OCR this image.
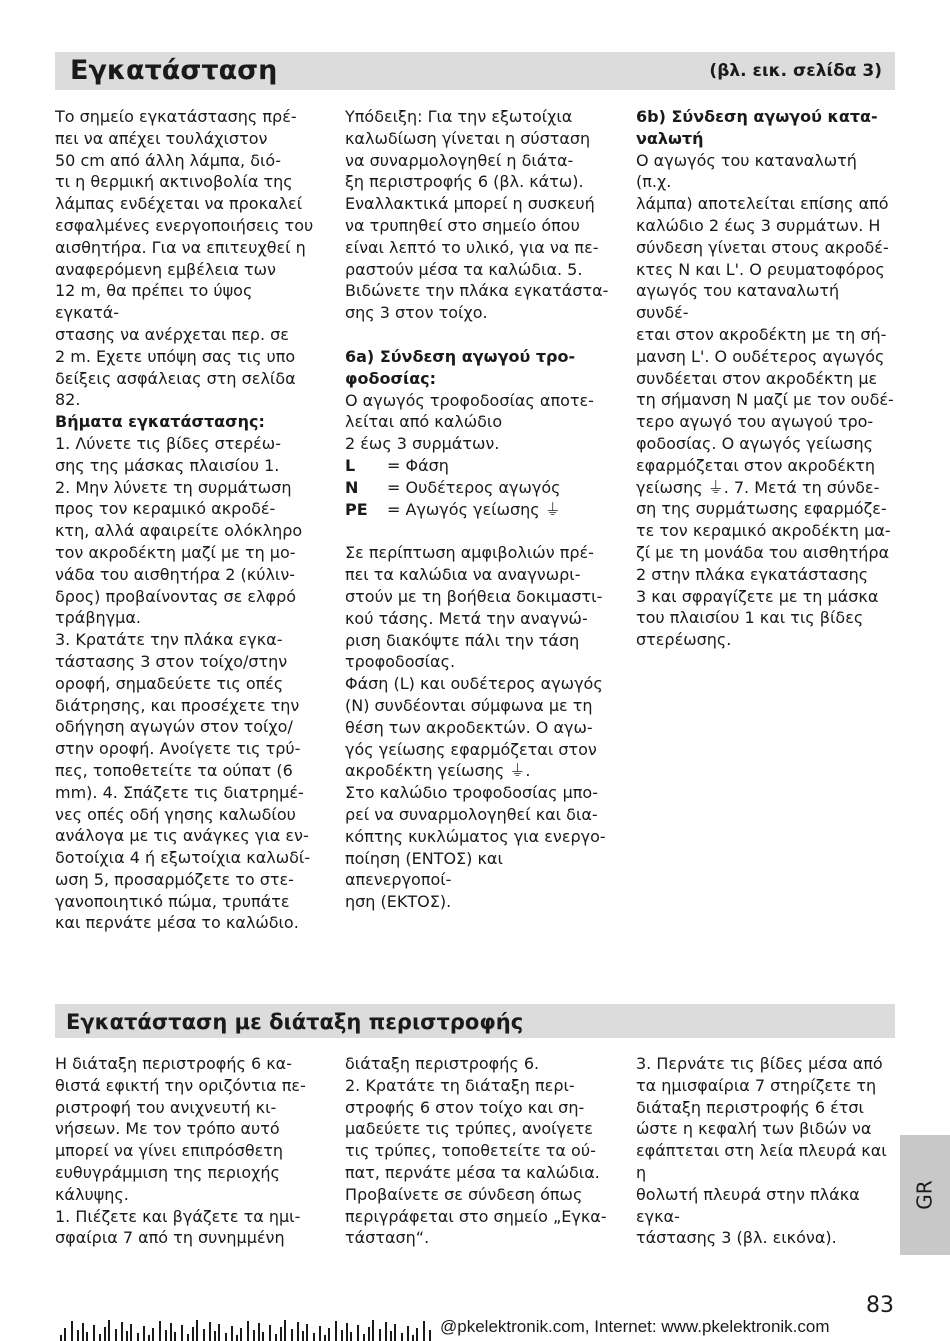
Εγκατάσταση	(βλ. εικ. σελίδα 3)

Το σημείο εγκατάστασης πρέ-

πει να απέχει τουλάχιστον

50 cm από άλλη λάμπα, διό-

τι η θερμική ακτινοβολία της

λάμπας ενδέχεται να προκαλεί

εσφαλμένες ενεργοποιήσεις του

αισθητήρα. Για να επιτευχθεί η

αναφερόμενη εμβέλεια των

12 m, θα πρέπει το ύψος εγκατά-

στασης να ανέρχεται περ. σε

2 m. Εχετε υπόψη σας τις υπο

δείξεις ασφάλειας στη σελίδα 82.

Βήματα εγκατάστασης:

1. Λύνετε τις βίδες στερέω-

σης της μάσκας πλαισίου 1.

2. Μην λύνετε τη συρμάτωση

προς τον κεραμικό ακροδέ-

κτη, αλλά αφαιρείτε ολόκληρο

τον ακροδέκτη μαζί με τη μο-

νάδα του αισθητήρα 2 (κύλιν-

δρος) προβαίνοντας σε ελφρό

τράβηγμα.

3. Κρατάτε την πλάκα εγκα-

τάστασης 3 στον τοίχο/στην

οροφή, σημαδεύετε τις οπές

διάτρησης, και προσέχετε την

οδήγηση αγωγών στον τοίχο/

στην οροφή. Ανοίγετε τις τρύ-

πες, τοποθετείτε τα ούπατ (6

mm). 4. Σπάζετε τις διατρημέ-

νες οπές οδή γησης καλωδίου

ανάλογα με τις ανάγκες για εν-

δοτοίχια 4 ή εξωτοίχια καλωδί-

ωση 5, προσαρμόζετε το στε-

γανοποιητικό πώμα, τρυπάτε

και περνάτε μέσα το καλώδιο.

Υπόδειξη: Για την εξωτοίχια

καλωδίωση γίνεται η σύσταση

να συναρμολογηθεί η διάτα-

ξη περιστροφής 6 (βλ. κάτω).

Εναλλακτικά μπορεί η συσκευή

να τρυπηθεί στο σημείο όπου

είναι λεπτό το υλικό, για να πε-

ραστούν μέσα τα καλώδια. 5.

Βιδώνετε την πλάκα εγκατάστα-

σης 3 στον τοίχο.

6a) Σύνδεση αγωγού τρο-

φοδοσίας:

Ο αγωγός τροφοδοσίας αποτε-

λείται από καλώδιο

2 έως 3 συρμάτων.

L	= Φάση
N	= Ουδέτερος αγωγός
PE	= Αγωγός γείωσης ⏚

Σε περίπτωση αμφιβολιών πρέ-

πει τα καλώδια να αναγνωρι-

στούν με τη βοήθεια δοκιμαστι-

κού τάσης. Μετά την αναγνώ-

ριση διακόψτε πάλι την τάση

τροφοδοσίας.

Φάση (L) και ουδέτερος αγωγός

(N) συνδέονται σύμφωνα με τη

θέση των ακροδεκτών. Ο αγω-

γός γείωσης εφαρμόζεται στον

ακροδέκτη γείωσης ⏚.

Στο καλώδιο τροφοδοσίας μπο-

ρεί να συναρμολογηθεί και δια-

κόπτης κυκλώματος για ενεργο-

ποίηση (ΕΝΤΟΣ) και απενεργοποί-

ηση (ΕΚΤΟΣ).

6b) Σύνδεση αγωγού κατα-

ναλωτή

Ο αγωγός του καταναλωτή (π.χ.

λάμπα) αποτελείται επίσης από

καλώδιο 2 έως 3 συρμάτων. Η

σύνδεση γίνεται στους ακροδέ-

κτες N και L'. Ο ρευματοφόρος

αγωγός του καταναλωτή συνδέ-

εται στον ακροδέκτη με τη σή-

μανση L'. Ο ουδέτερος αγωγός

συνδέεται στον ακροδέκτη με

τη σήμανση N μαζί με τον ουδέ-

τερο αγωγό του αγωγού τρο-

φοδοσίας. Ο αγωγός γείωσης

εφαρμόζεται στον ακροδέκτη

γείωσης ⏚. 7. Μετά τη σύνδε-

ση της συρμάτωσης εφαρμόζε-

τε τον κεραμικό ακροδέκτη μα-

ζί με τη μονάδα του αισθητήρα

2 στην πλάκα εγκατάστασης

3 και σφραγίζετε με τη μάσκα

του πλαισίου 1 και τις βίδες

στερέωσης.

Εγκατάσταση με διάταξη περιστροφής

Η διάταξη περιστροφής 6 κα-

θιστά εφικτή την οριζόντια πε-

ριστροφή του ανιχνευτή κι-

νήσεων. Με τον τρόπο αυτό

μπορεί να γίνει επιπρόσθετη

ευθυγράμμιση της περιοχής

κάλυψης.

1. Πιέζετε και βγάζετε τα ημι-

σφαίρια 7 από τη συνημμένη

διάταξη περιστροφής 6.

2. Κρατάτε τη διάταξη περι-

στροφής 6 στον τοίχο και ση-

μαδεύετε τις τρύπες, ανοίγετε

τις τρύπες, τοποθετείτε τα ού-

πατ, περνάτε μέσα τα καλώδια.

Προβαίνετε σε σύνδεση όπως

περιγράφεται στο σημείο „Εγκα-

τάσταση“.

3. Περνάτε τις βίδες μέσα από

τα ημισφαίρια 7 στηρίζετε τη

διάταξη περιστροφής 6 έτσι

ώστε η κεφαλή των βιδών να

εφάπτεται στη λεία πλευρά και η

θολωτή πλευρά στην πλάκα εγκα-

τάστασης 3 (βλ. εικόνα).

GR
83
@pkelektronik.com, Internet: www.pkelektronik.com
